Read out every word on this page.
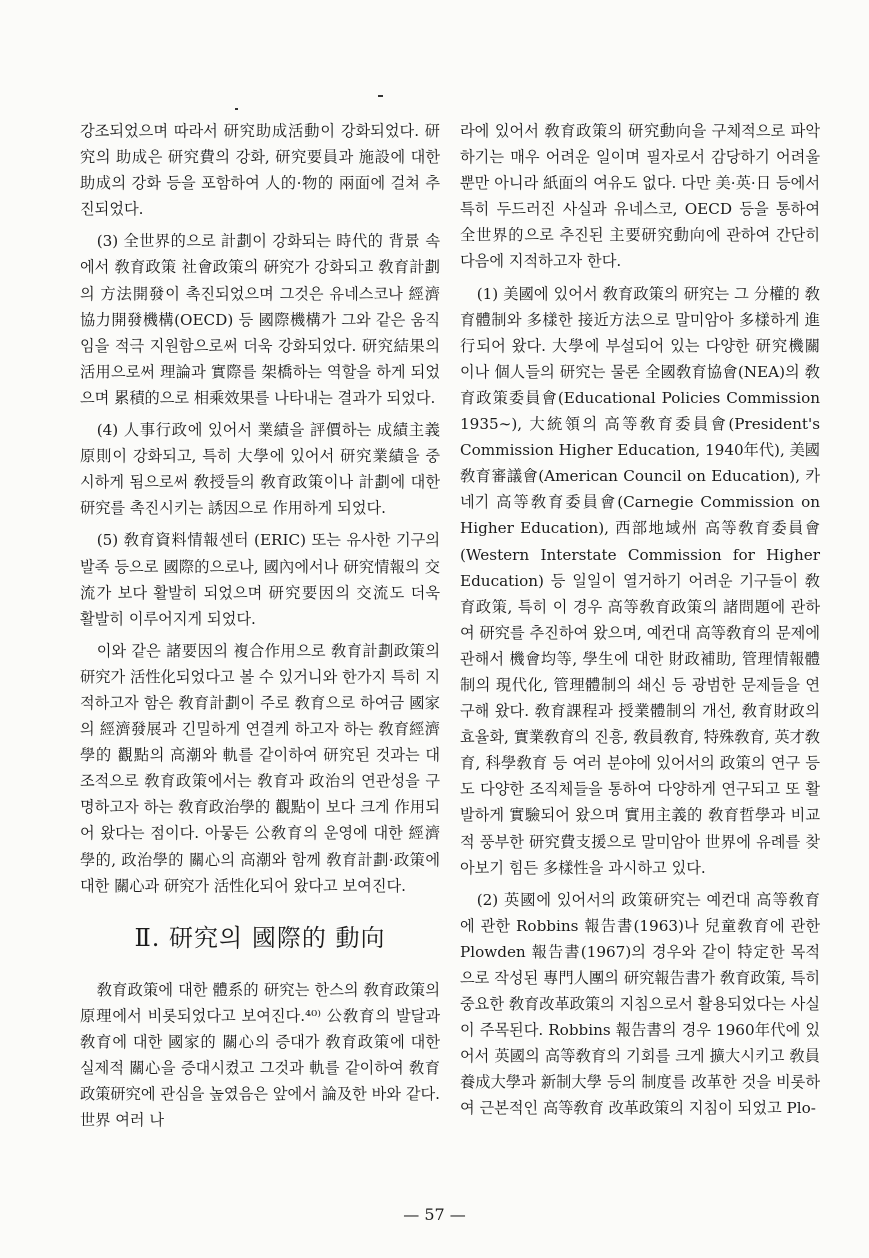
강조되었으며 따라서 研究助成活動이 강화되었다. 研究의 助成은 研究費의 강화, 研究要員과 施設에 대한 助成의 강화 등을 포함하여 人的·物的 兩面에 걸쳐 추진되었다.

(3) 全世界的으로 計劃이 강화되는 時代的 背景 속에서 敎育政策 社會政策의 硏究가 강화되고 敎育計劃의 方法開發이 촉진되었으며 그것은 유네스코나 經濟協力開發機構(OECD) 등 國際機構가 그와 같은 움직임을 적극 지원함으로써 더욱 강화되었다. 研究結果의 活用으로써 理論과 實際를 架橋하는 역할을 하게 되었으며 累積的으로 相乘效果를 나타내는 결과가 되었다.

(4) 人事行政에 있어서 業績을 評價하는 成績主義原則이 강화되고, 특히 大學에 있어서 研究業績을 중시하게 됨으로써 敎授들의 敎育政策이나 計劃에 대한 研究를 촉진시키는 誘因으로 作用하게 되었다.

(5) 敎育資料情報센터 (ERIC) 또는 유사한 기구의 발족 등으로 國際的으로나, 國內에서나 研究情報의 交流가 보다 활발히 되었으며 研究要因의 交流도 더욱 활발히 이루어지게 되었다.

이와 같은 諸要因의 複合作用으로 敎育計劃政策의 研究가 活性化되었다고 볼 수 있거니와 한가지 특히 지적하고자 함은 敎育計劃이 주로 敎育으로 하여금 國家의 經濟發展과 긴밀하게 연결케 하고자 하는 敎育經濟學的 觀點의 高潮와 軌를 같이하여 研究된 것과는 대조적으로 敎育政策에서는 敎育과 政治의 연관성을 구명하고자 하는 敎育政治學的 觀點이 보다 크게 作用되어 왔다는 점이다. 아뭏든 公敎育의 운영에 대한 經濟學的, 政治學的 關心의 高潮와 함께 敎育計劃·政策에 대한 關心과 研究가 活性化되어 왔다고 보여진다.

Ⅱ. 研究의 國際的 動向

敎育政策에 대한 體系的 研究는 한스의 敎育政策의 原理에서 비롯되었다고 보여진다.⁴⁰⁾ 公敎育의 발달과 敎育에 대한 國家的 關心의 증대가 敎育政策에 대한 실제적 關心을 증대시켰고 그것과 軌를 같이하여 敎育政策研究에 관심을 높였음은 앞에서 論及한 바와 같다. 世界 여러 나

라에 있어서 敎育政策의 研究動向을 구체적으로 파악하기는 매우 어려운 일이며 필자로서 감당하기 어려울 뿐만 아니라 紙面의 여유도 없다. 다만 美·英·日 등에서 특히 두드러진 사실과 유네스코, OECD 등을 통하여 全世界的으로 추진된 主要研究動向에 관하여 간단히 다음에 지적하고자 한다.

(1) 美國에 있어서 敎育政策의 研究는 그 分權的 敎育體制와 多樣한 接近方法으로 말미암아 多樣하게 進行되어 왔다. 大學에 부설되어 있는 다양한 研究機關이나 個人들의 研究는 물론 全國敎育協會(NEA)의 敎育政策委員會(Educational Policies Commission 1935∼), 大統領의 高等敎育委員會(President's Commission Higher Education, 1940年代), 美國敎育審議會(American Council on Education), 카네기 高等敎育委員會(Carnegie Commission on Higher Education), 西部地域州 高等敎育委員會(Western Interstate Commission for Higher Education) 등 일일이 열거하기 어려운 기구들이 敎育政策, 특히 이 경우 高等敎育政策의 諸問題에 관하여 研究를 추진하여 왔으며, 예컨대 高等敎育의 문제에 관해서 機會均等, 學生에 대한 財政補助, 管理情報體制의 現代化, 管理體制의 쇄신 등 광범한 문제들을 연구해 왔다. 敎育課程과 授業體制의 개선, 敎育財政의 효율화, 實業敎育의 진흥, 敎員敎育, 特殊敎育, 英才敎育, 科學敎育 등 여러 분야에 있어서의 政策의 연구 등도 다양한 조직체들을 통하여 다양하게 연구되고 또 활발하게 實驗되어 왔으며 實用主義的 敎育哲學과 비교적 풍부한 研究費支援으로 말미암아 世界에 유례를 찾아보기 힘든 多樣性을 과시하고 있다.

(2) 英國에 있어서의 政策研究는 예컨대 高等敎育에 관한 Robbins 報告書(1963)나 兒童敎育에 관한 Plowden 報告書(1967)의 경우와 같이 特定한 목적으로 작성된 專門人團의 研究報告書가 敎育政策, 특히 중요한 敎育改革政策의 지침으로서 활용되었다는 사실이 주목된다. Robbins 報告書의 경우 1960年代에 있어서 英國의 高等敎育의 기회를 크게 擴大시키고 敎員養成大學과 新制大學 등의 制度를 改革한 것을 비롯하여 근본적인 高等敎育 改革政策의 지침이 되었고 Plo-

— 57 —
